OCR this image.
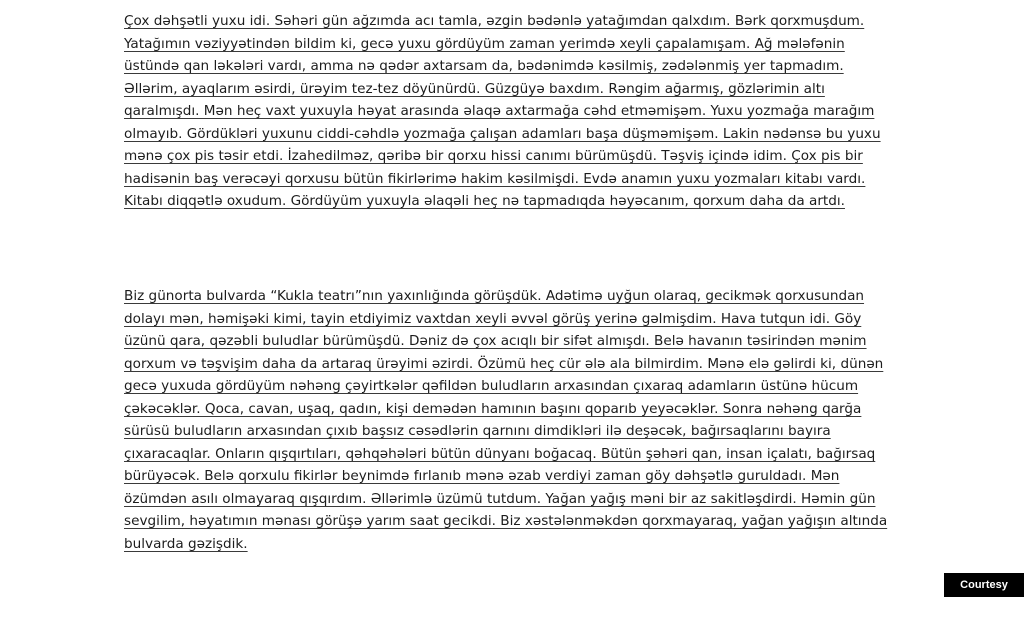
Çox dəhşətli yuxu idi. Səhəri gün ağzımda acı tamla, əzgin bədənlə yatağımdan qalxdım. Bərk qorxmuşdum.
Yatağımın vəziyyətindən bildim ki, gecə yuxu gördüyüm zaman yerimdə xeyli çapalamışam. Ağ mələfənin
üstündə qan ləkələri vardı, amma nə qədər axtarsam da, bədənimdə kəsilmiş, zədələnmiş yer tapmadım.
Əllərim, ayaqlarım əsirdi, ürəyim tez-tez döyünürdü. Güzgüyə baxdım. Rəngim ağarmış, gözlərimin altı
qaralmışdı. Mən heç vaxt yuxuyla həyat arasında əlaqə axtarmağa cəhd etməmişəm. Yuxu yozmağa marağım
olmayıb. Gördükləri yuxunu ciddi-cəhdlə yozmağa çalışan adamları başa düşməmişəm. Lakin nədənsə bu yuxu
mənə çox pis təsir etdi. İzahedilməz, qəribə bir qorxu hissi canımı bürümüşdü. Təşviş içində idim. Çox pis bir
hadisənin baş verəcəyi qorxusu bütün fikirlərimə hakim kəsilmişdi. Evdə anamın yuxu yozmaları kitabı vardı.
Kitabı diqqətlə oxudum. Gördüyüm yuxuyla əlaqəli heç nə tapmadıqda həyəcanım, qorxum daha da artdı.
Biz günorta bulvarda “Kukla teatrı”nın yaxınlığında görüşdük. Adətimə uyğun olaraq, gecikmək qorxusundan
dolayı mən, həmişəki kimi, tayin etdiyimiz vaxtdan xeyli əvvəl görüş yerinə gəlmişdim. Hava tutqun idi. Göy
üzünü qara, qəzəbli buludlar bürümüşdü. Dəniz də çox acıqlı bir sifət almışdı. Belə havanın təsirindən mənim
qorxum və təşvişim daha da artaraq ürəyimi əzirdi. Özümü heç cür ələ ala bilmirdim. Mənə elə gəlirdi ki, dünən
gecə yuxuda gördüyüm nəhəng çəyirtkələr qəfildən buludların arxasından çıxaraq adamların üstünə hücum
çəkəcəklər. Qoca, cavan, uşaq, qadın, kişi demədən hamının başını qoparıb yeyəcəklər. Sonra nəhəng qarğa
sürüsü buludların arxasından çıxıb başsız cəsədlərin qarnını dimdikləri ilə deşəcək, bağırsaqlarını bayıra
çıxaracaqlar. Onların qışqırtıları, qəhqəhələri bütün dünyanı boğacaq. Bütün şəhəri qan, insan içalatı, bağırsaq
bürüyəcək. Belə qorxulu fikirlər beynimdə fırlanıb mənə əzab verdiyi zaman göy dəhşətlə guruldadı. Mən
özümdən asılı olmayaraq qışqırdım. Əllərimlə üzümü tutdum. Yağan yağış məni bir az sakitləşdirdi. Həmin gün
sevgilim, həyatımın mənası görüşə yarım saat gecikdi. Biz xəstələnməkdən qorxmayaraq, yağan yağışın altında
bulvarda gəzişdik.
Courtesy Photo
